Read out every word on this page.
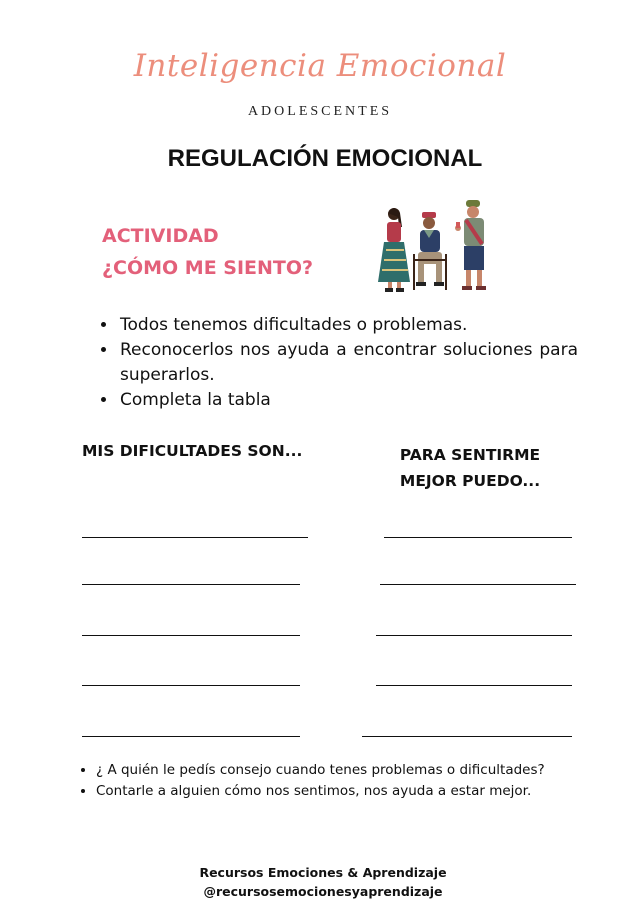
Inteligencia Emocional
ADOLESCENTES
REGULACIÓN EMOCIONAL
ACTIVIDAD
¿CÓMO ME SIENTO?
• Todos tenemos dificultades o problemas.
• Reconocerlos nos ayuda a encontrar soluciones para superarlos.
• Completa la tabla
MIS DIFICULTADES SON...	PARA SENTIRME
MEJOR PUEDO...
• ¿ A quién le pedís consejo cuando tenes problemas o dificultades?
• Contarle a alguien cómo nos sentimos, nos ayuda a estar mejor.
Recursos Emociones & Aprendizaje
@recursosemocionesyaprendizaje
